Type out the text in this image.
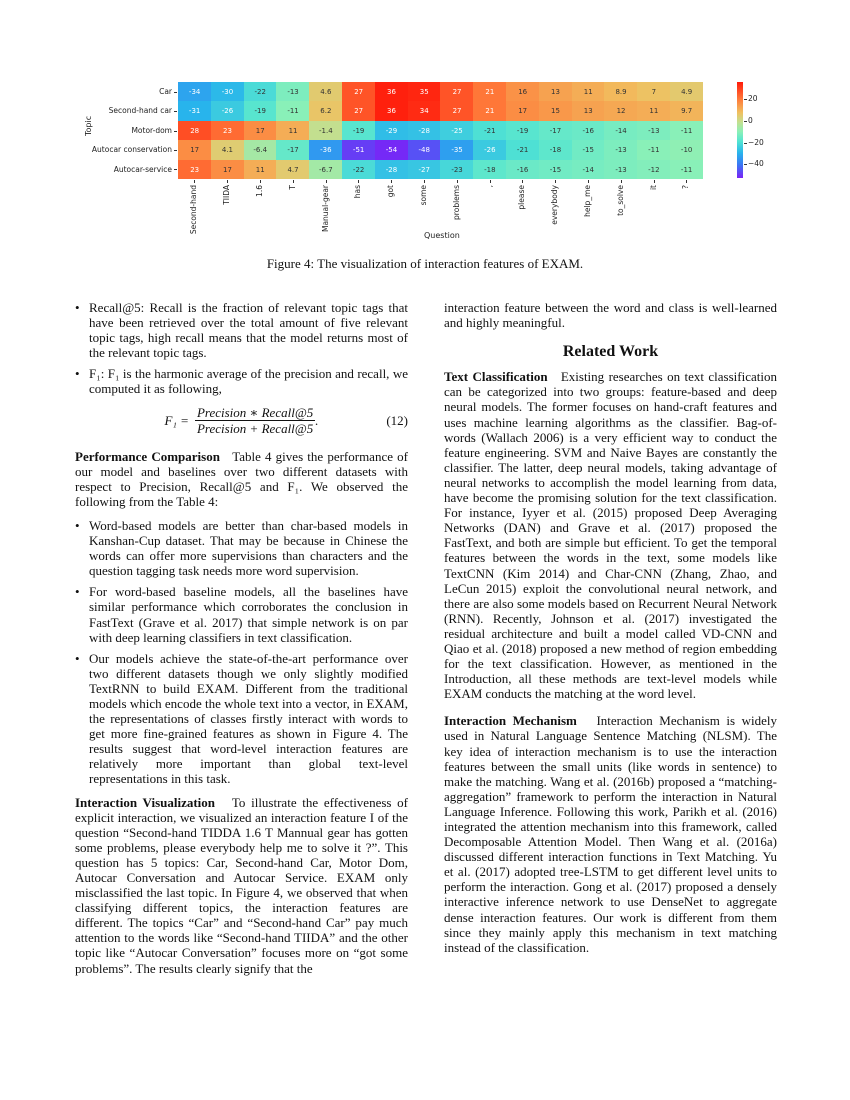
-34	-30	-22	-13	4.6	27	36	35	27	21	16	13	11	8.9	7	4.9
Car
-31	-26	-19	-11	6.2	27	36	34	27	21	17	15	13	12	11	9.7
Second-hand car
28	23	17	11	-1.4	-19	-29	-28	-25	-21	-19	-17	-16	-14	-13	-11
Motor-dom
17	4.1	-6.4	-17	-36	-51	-54	-48	-35	-26	-21	-18	-15	-13	-11	-10
Autocar conservation
23	17	11	4.7	-6.7	-22	-28	-27	-23	-18	-16	-15	-14	-13	-12	-11
Autocar-service
Second-hand	TIIDA	1.6	T	Manual-gear	has	got	some	problems	,	please	everybody	help_me	to_solve	it	?
Topic
Question
20
0
−20
−40
Figure 4: The visualization of interaction features of EXAM.
• Recall@5: Recall is the fraction of relevant topic tags that have been retrieved over the total amount of five relevant topic tags, high recall means that the model returns most of the relevant topic tags.

• F₁: F₁ is the harmonic average of the precision and recall, we computed it as following,

$F_1 = \frac{\text{Precision ∗ Recall@5}}{\text{Precision + Recall@5}}$ .	(12)

Performance Comparison Table 4 gives the performance of our model and baselines over two different datasets with respect to Precision, Recall@5 and F₁. We observed the following from the Table 4:

• Word-based models are better than char-based models in Kanshan-Cup dataset. That may be because in Chinese the words can offer more supervisions than characters and the question tagging task needs more word supervision.

• For word-based baseline models, all the baselines have similar performance which corroborates the conclusion in FastText (Grave et al. 2017) that simple network is on par with deep learning classifiers in text classification.

• Our models achieve the state-of-the-art performance over two different datasets though we only slightly modified TextRNN to build EXAM. Different from the traditional models which encode the whole text into a vector, in EXAM, the representations of classes firstly interact with words to get more fine-grained features as shown in Figure 4. The results suggest that word-level interaction features are relatively more important than global text-level representations in this task.

Interaction Visualization To illustrate the effectiveness of explicit interaction, we visualized an interaction feature I of the question “Second-hand TIDDA 1.6 T Mannual gear has gotten some problems, please everybody help me to solve it ?”. This question has 5 topics: Car, Second-hand Car, Motor Dom, Autocar Conversation and Autocar Service. EXAM only misclassified the last topic. In Figure 4, we observed that when classifying different topics, the interaction features are different. The topics “Car” and “Second-hand Car” pay much attention to the words like “Second-hand TIIDA” and the other topic like “Autocar Conversation” focuses more on “got some problems”. The results clearly signify that the

interaction feature between the word and class is well-learned and highly meaningful.

Related Work

Text Classification Existing researches on text classification can be categorized into two groups: feature-based and deep neural models. The former focuses on hand-craft features and uses machine learning algorithms as the classifier. Bag-of-words (Wallach 2006) is a very efficient way to conduct the feature engineering. SVM and Naive Bayes are constantly the classifier. The latter, deep neural models, taking advantage of neural networks to accomplish the model learning from data, have become the promising solution for the text classification. For instance, Iyyer et al. (2015) proposed Deep Averaging Networks (DAN) and Grave et al. (2017) proposed the FastText, and both are simple but efficient. To get the temporal features between the words in the text, some models like TextCNN (Kim 2014) and Char-CNN (Zhang, Zhao, and LeCun 2015) exploit the convolutional neural network, and there are also some models based on Recurrent Neural Network (RNN). Recently, Johnson et al. (2017) investigated the residual architecture and built a model called VD-CNN and Qiao et al. (2018) proposed a new method of region embedding for the text classification. However, as mentioned in the Introduction, all these methods are text-level models while EXAM conducts the matching at the word level.

Interaction Mechanism Interaction Mechanism is widely used in Natural Language Sentence Matching (NLSM). The key idea of interaction mechanism is to use the interaction features between the small units (like words in sentence) to make the matching. Wang et al. (2016b) proposed a “matching-aggregation” framework to perform the interaction in Natural Language Inference. Following this work, Parikh et al. (2016) integrated the attention mechanism into this framework, called Decomposable Attention Model. Then Wang et al. (2016a) discussed different interaction functions in Text Matching. Yu et al. (2017) adopted tree-LSTM to get different level units to perform the interaction. Gong et al. (2017) proposed a densely interactive inference network to use DenseNet to aggregate dense interaction features. Our work is different from them since they mainly apply this mechanism in text matching instead of the classification.
